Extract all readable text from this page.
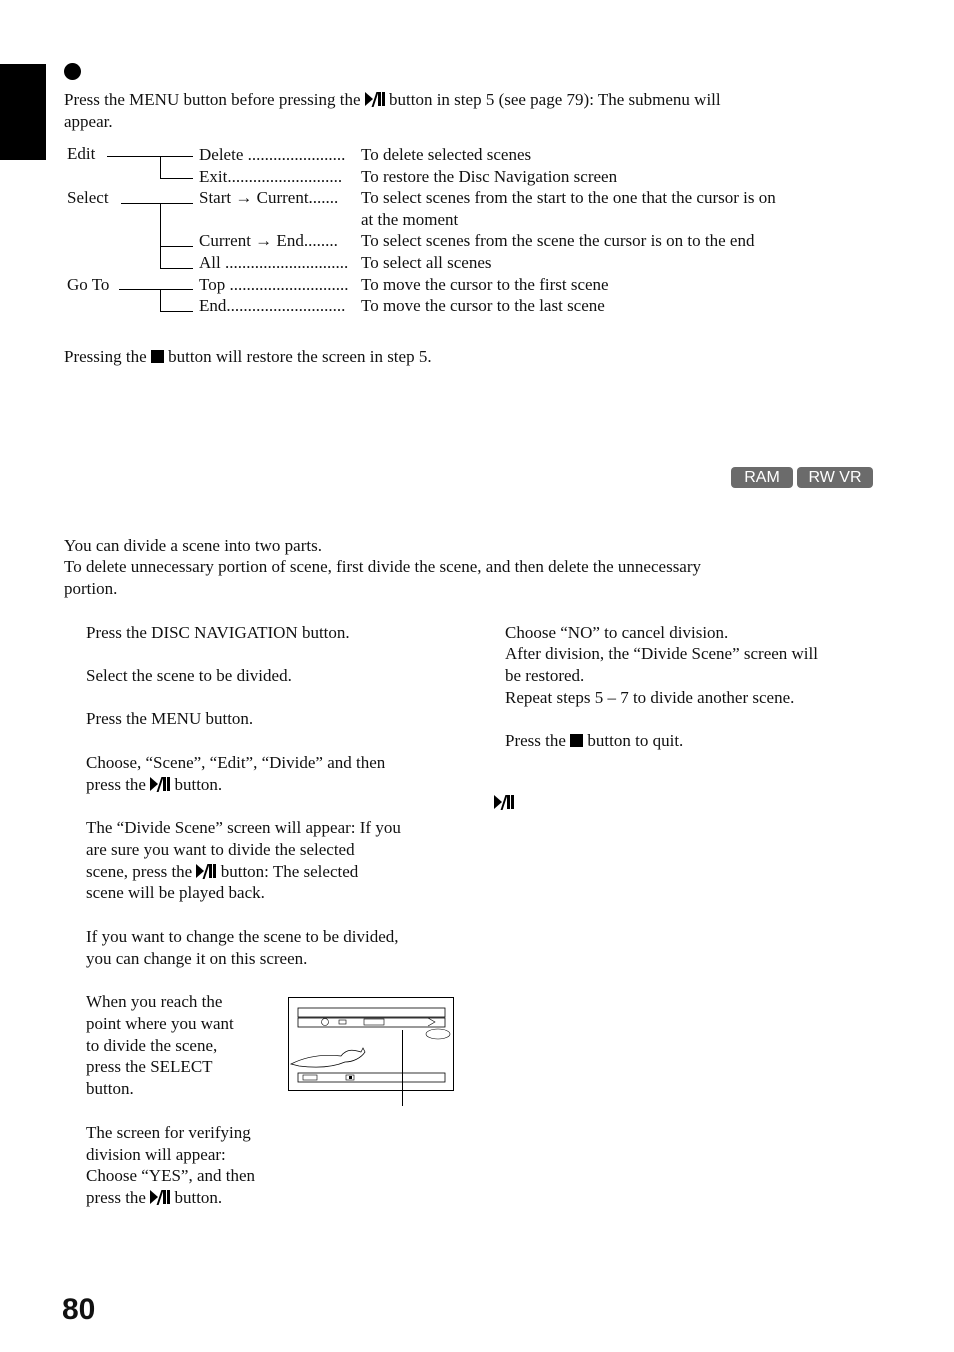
Press the MENU button before pressing the button in step 5 (see page 79): The submenu will
appear.
Edit
Select
Go To
Delete ....................... To delete selected scenes
Exit........................... To restore the Disc Navigation screen
Start → Current....... To select scenes from the start to the one that the cursor is on
at the moment
Current → End........ To select scenes from the scene the cursor is on to the end
All ............................. To select all scenes
Top ............................ To move the cursor to the first scene
End............................ To move the cursor to the last scene
Pressing the button will restore the screen in step 5.
RAM	RW VR
You can divide a scene into two parts.
To delete unnecessary portion of scene, first divide the scene, and then delete the unnecessary
portion.
Press the DISC NAVIGATION button.
Select the scene to be divided.
Press the MENU button.
Choose, “Scene”, “Edit”, “Divide” and then
press the button.
The “Divide Scene” screen will appear: If you
are sure you want to divide the selected
scene, press the button: The selected
scene will be played back.
If you want to change the scene to be divided,
you can change it on this screen.
When you reach the
point where you want
to divide the scene,
press the SELECT
button.
The screen for verifying
division will appear:
Choose “YES”, and then
press the button.
Choose “NO” to cancel division.
After division, the “Divide Scene” screen will
be restored.
Repeat steps 5 – 7 to divide another scene.
Press the button to quit.
80
